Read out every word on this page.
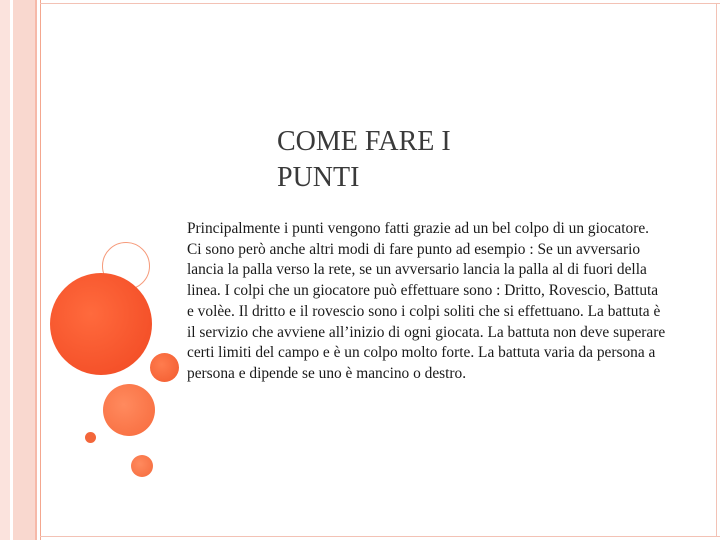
COME FARE I
PUNTI

Principalmente i punti vengono fatti grazie ad un bel colpo di un giocatore. Ci sono però anche altri modi di fare punto ad esempio : Se un avversario lancia la palla verso la rete, se un avversario lancia la palla al di fuori della linea. I colpi che un giocatore può effettuare sono : Dritto, Rovescio, Battuta e volèe. Il dritto e il rovescio sono i colpi soliti che si effettuano. La battuta è il servizio che avviene all’inizio di ogni giocata. La battuta non deve superare certi limiti del campo e è un colpo molto forte. La battuta varia da persona a persona e dipende se uno è mancino o destro.
